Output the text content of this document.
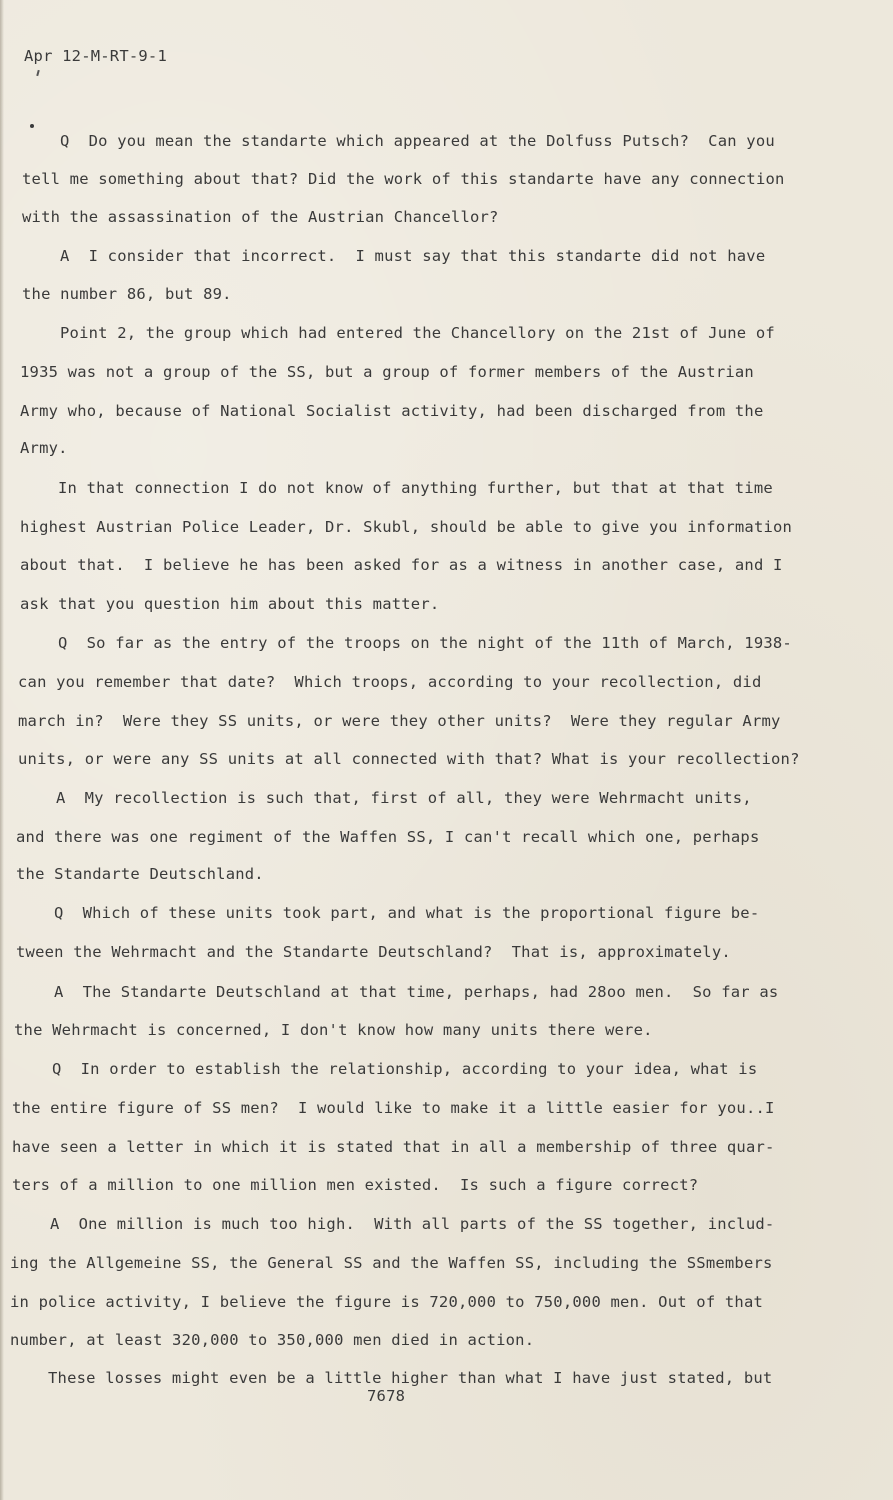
Apr 12-M-RT-9-1
Q  Do you mean the standarte which appeared at the Dolfuss Putsch?  Can you
tell me something about that? Did the work of this standarte have any connection
with the assassination of the Austrian Chancellor?
A  I consider that incorrect.  I must say that this standarte did not have
the number 86, but 89.
Point 2, the group which had entered the Chancellory on the 21st of June of
1935 was not a group of the SS, but a group of former members of the Austrian
Army who, because of National Socialist activity, had been discharged from the
Army.
In that connection I do not know of anything further, but that at that time
highest Austrian Police Leader, Dr. Skubl, should be able to give you information
about that.  I believe he has been asked for as a witness in another case, and I
ask that you question him about this matter.
Q  So far as the entry of the troops on the night of the 11th of March, 1938-
can you remember that date?  Which troops, according to your recollection, did
march in?  Were they SS units, or were they other units?  Were they regular Army
units, or were any SS units at all connected with that? What is your recollection?
A  My recollection is such that, first of all, they were Wehrmacht units,
and there was one regiment of the Waffen SS, I can't recall which one, perhaps
the Standarte Deutschland.
Q  Which of these units took part, and what is the proportional figure be-
tween the Wehrmacht and the Standarte Deutschland?  That is, approximately.
A  The Standarte Deutschland at that time, perhaps, had 28oo men.  So far as
the Wehrmacht is concerned, I don't know how many units there were.
Q  In order to establish the relationship, according to your idea, what is
the entire figure of SS men?  I would like to make it a little easier for you..I
have seen a letter in which it is stated that in all a membership of three quar-
ters of a million to one million men existed.  Is such a figure correct?
A  One million is much too high.  With all parts of the SS together, includ-
ing the Allgemeine SS, the General SS and the Waffen SS, including the SSmembers
in police activity, I believe the figure is 720,000 to 750,000 men. Out of that
number, at least 320,000 to 350,000 men died in action.
These losses might even be a little higher than what I have just stated, but
7678
